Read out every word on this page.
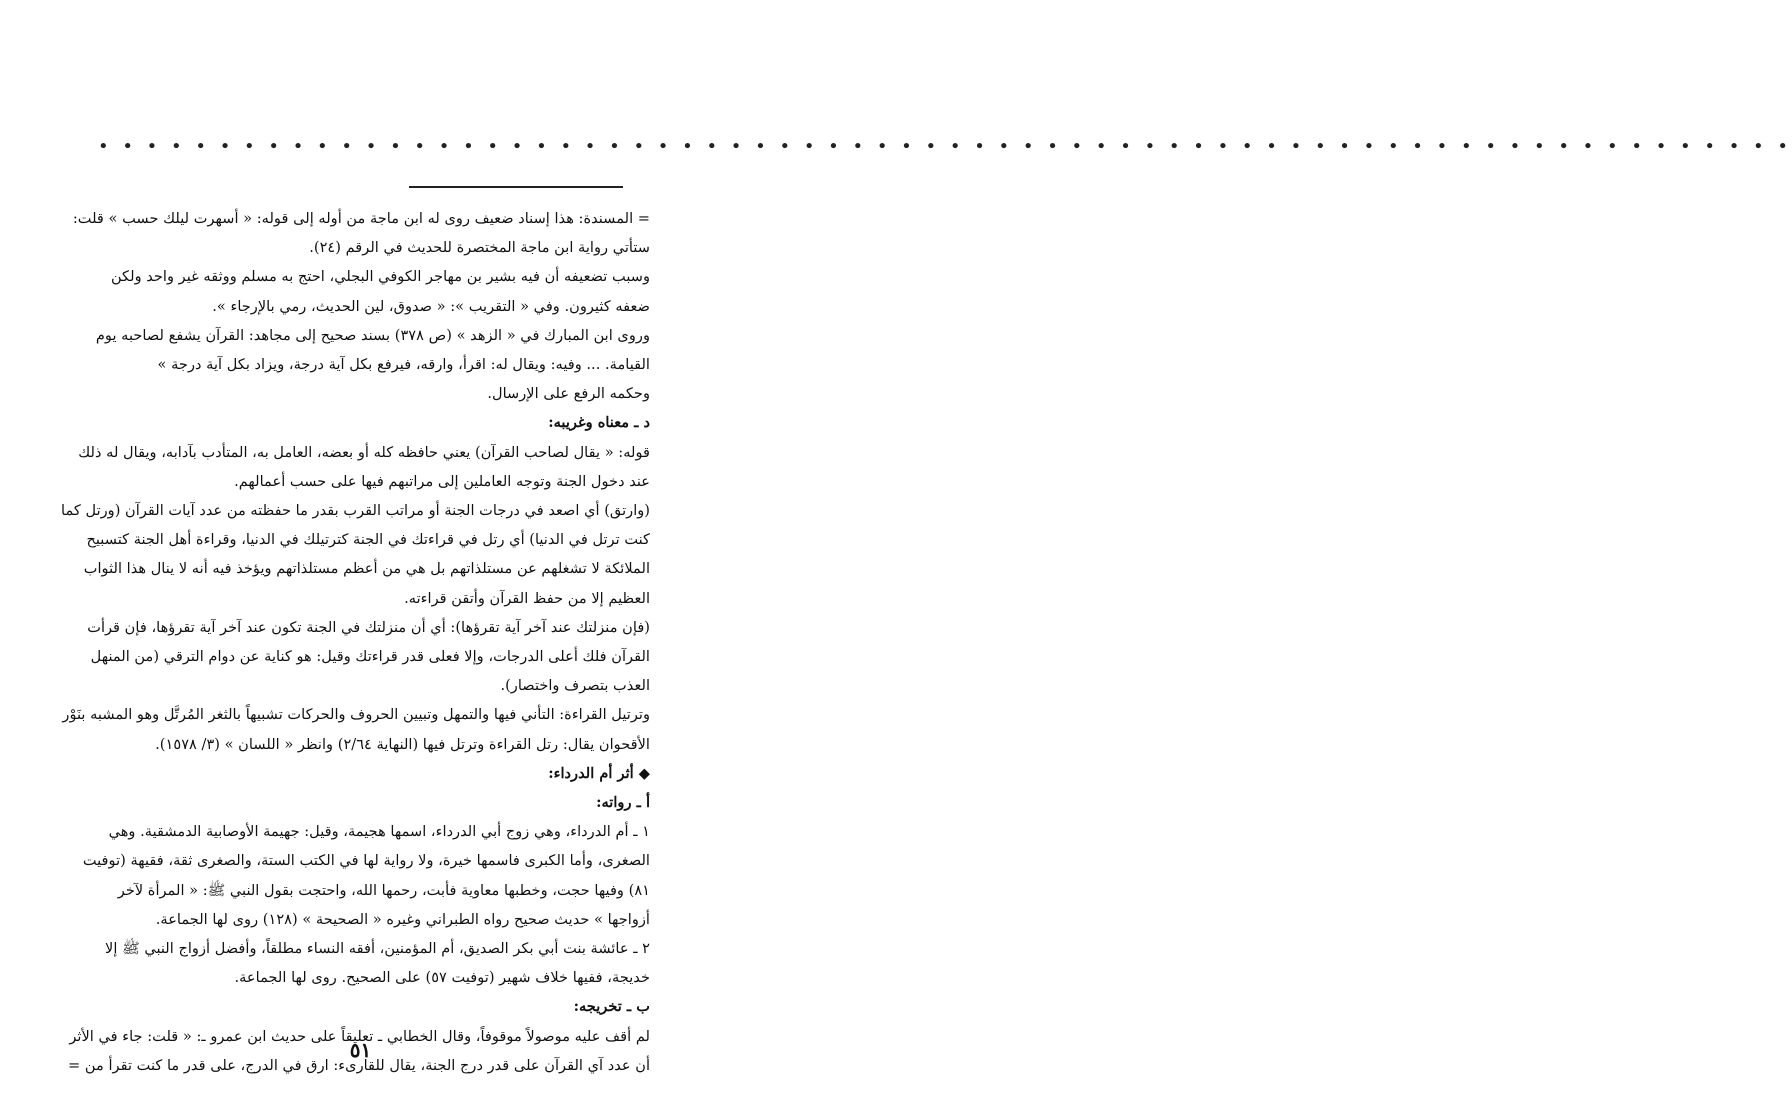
• • • • • • • • • • • • • • • • • • • • • • • • • • • • • • • • • • • • • • • • • • • • • • • • • • • • • • • • • • • • • • • • • • • • • •
= المسندة: هذا إسناد ضعيف روى له ابن ماجة من أوله إلى قوله: « أسهرت ليلك حسب » قلت:
ستأتي رواية ابن ماجة المختصرة للحديث في الرقم (٢٤).
وسبب تضعيفه أن فيه بشير بن مهاجر الكوفي البجلي، احتج به مسلم ووثقه غير واحد ولكن
ضعفه كثيرون. وفي « التقريب »: « صدوق، لين الحديث، رمي بالإرجاء ».
وروى ابن المبارك في « الزهد » (ص ٣٧٨) بسند صحيح إلى مجاهد: القرآن يشفع لصاحبه يوم
القيامة. ... وفيه: ويقال له: اقرأ، وارقه، فيرفع بكل آية درجة، ويزاد بكل آية درجة »
وحكمه الرفع على الإرسال.
د ـ معناه وغريبه:
قوله: « يقال لصاحب القرآن) يعني حافظه كله أو بعضه، العامل به، المتأدب بآدابه، ويقال له ذلك
عند دخول الجنة وتوجه العاملين إلى مراتبهم فيها على حسب أعمالهم.
(وارتق) أي اصعد في درجات الجنة أو مراتب القرب بقدر ما حفظته من عدد آيات القرآن (ورتل كما
كنت ترتل في الدنيا) أي رتل في قراءتك في الجنة كترتيلك في الدنيا، وقراءة أهل الجنة كتسبيح
الملائكة لا تشغلهم عن مستلذاتهم بل هي من أعظم مستلذاتهم ويؤخذ فيه أنه لا ينال هذا الثواب
العظيم إلا من حفظ القرآن وأتقن قراءته.
(فإن منزلتك عند آخر آية تقرؤها): أي أن منزلتك في الجنة تكون عند آخر آية تقرؤها، فإن قرأت
القرآن فلك أعلى الدرجات، وإلا فعلى قدر قراءتك وقيل: هو كناية عن دوام الترقي (من المنهل
العذب بتصرف واختصار).
وترتيل القراءة: التأني فيها والتمهل وتبيين الحروف والحركات تشبيهاً بالثغر المُرتَّل وهو المشبه بنَوْر
الأقحوان يقال: رتل القراءة وترتل فيها (النهاية ٢/٦٤) وانظر « اللسان » (٣/ ١٥٧٨).
◆ أثر أم الدرداء:
أ ـ رواته:
١ ـ أم الدرداء، وهي زوج أبي الدرداء، اسمها هجيمة، وقيل: جهيمة الأوصابية الدمشقية. وهي
الصغرى، وأما الكبرى فاسمها خيرة، ولا رواية لها في الكتب الستة، والصغرى ثقة، فقيهة (توفيت
٨١) وفيها حجت، وخطبها معاوية فأبت، رحمها الله، واحتجت بقول النبي ﷺ: « المرأة لآخر
أزواجها » حديث صحيح رواه الطبراني وغيره « الصحيحة » (١٢٨) روى لها الجماعة.
٢ ـ عائشة بنت أبي بكر الصديق، أم المؤمنين، أفقه النساء مطلقاً، وأفضل أزواج النبي ﷺ إلا
خديجة، ففيها خلاف شهير (توفيت ٥٧) على الصحيح. روى لها الجماعة.
ب ـ تخريجه:
لم أقف عليه موصولاً موقوفاً، وقال الخطابي ـ تعليقاً على حديث ابن عمرو ـ: « قلت: جاء في الأثر
أن عدد آي القرآن على قدر درج الجنة، يقال للقارىء: ارق في الدرج، على قدر ما كنت تقرأ من =
٥١
